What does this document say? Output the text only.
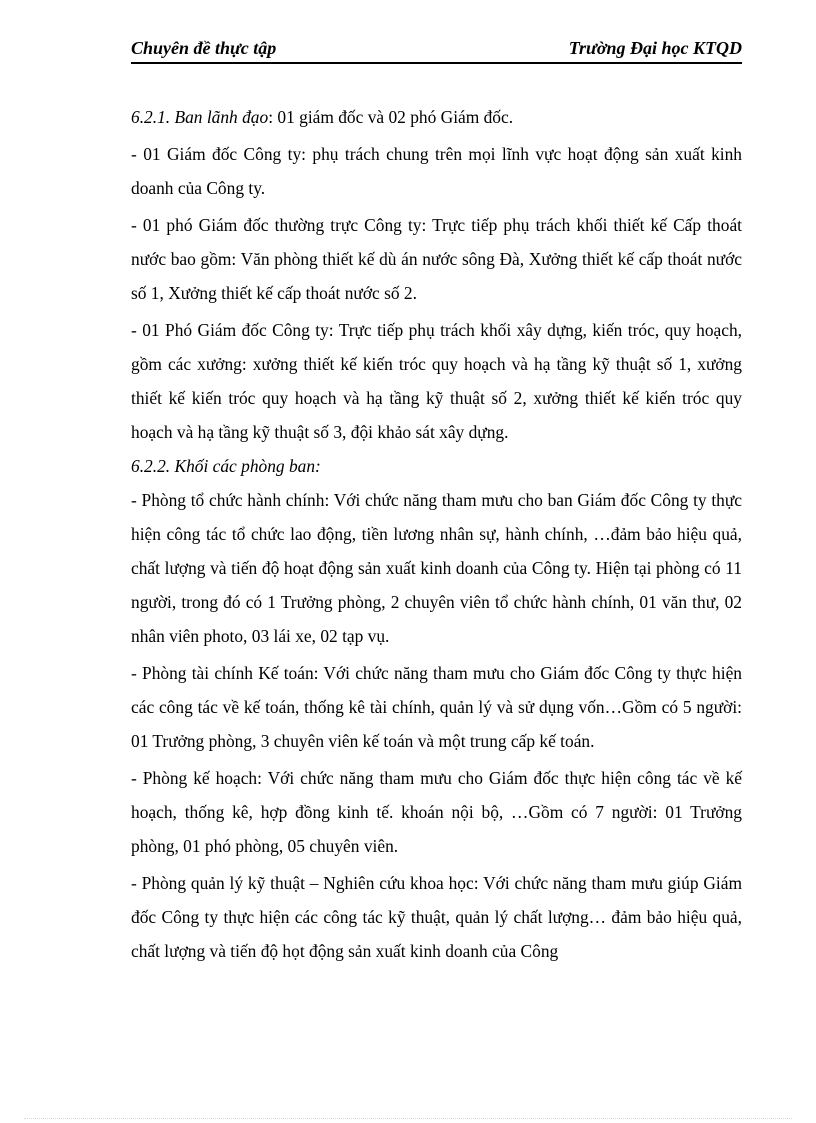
Chuyên đề thực tập	Trường Đại học KTQD

6.2.1. Ban lãnh đạo: 01 giám đốc và 02 phó Giám đốc.

- 01 Giám đốc Công ty: phụ trách chung trên mọi lĩnh vực hoạt động sản xuất kinh doanh của Công ty.

- 01 phó Giám đốc thường trực Công ty: Trực tiếp phụ trách khối thiết kế Cấp thoát nước bao gồm: Văn phòng thiết kế dù án nước sông Đà, Xưởng thiết kế cấp thoát nước số 1, Xưởng thiết kế cấp thoát nước số 2.

- 01 Phó Giám đốc Công ty: Trực tiếp phụ trách khối xây dựng, kiến tróc, quy hoạch, gồm các xưởng: xưởng thiết kế kiến tróc quy hoạch và hạ tầng kỹ thuật số 1, xưởng thiết kế kiến tróc quy hoạch và hạ tầng kỹ thuật số 2, xưởng thiết kế kiến tróc quy hoạch và hạ tầng kỹ thuật số 3, đội khảo sát xây dựng.

6.2.2. Khối các phòng ban:

- Phòng tổ chức hành chính: Với chức năng tham mưu cho ban Giám đốc Công ty thực hiện công tác tổ chức lao động, tiền lương nhân sự, hành chính, …đảm bảo hiệu quả, chất lượng và tiến độ hoạt động sản xuất kinh doanh của Công ty. Hiện tại phòng có 11 người, trong đó có 1 Trưởng phòng, 2 chuyên viên tổ chức hành chính, 01 văn thư, 02 nhân viên photo, 03 lái xe, 02 tạp vụ.

- Phòng tài chính Kế toán: Với chức năng tham mưu cho Giám đốc Công ty thực hiện các công tác về kế toán, thống kê tài chính, quản lý và sử dụng vốn…Gồm có 5 người: 01 Trưởng phòng, 3 chuyên viên kế toán và một trung cấp kế toán.

- Phòng kế hoạch: Với chức năng tham mưu cho Giám đốc thực hiện công tác về kế hoạch, thống kê, hợp đồng kinh tế. khoán nội bộ, …Gồm có 7 người: 01 Trưởng phòng, 01 phó phòng, 05 chuyên viên.

- Phòng quản lý kỹ thuật – Nghiên cứu khoa học: Với chức năng tham mưu giúp Giám đốc Công ty thực hiện các công tác kỹ thuật, quản lý chất lượng… đảm bảo hiệu quả, chất lượng và tiến độ họt động sản xuất kinh doanh của Công
